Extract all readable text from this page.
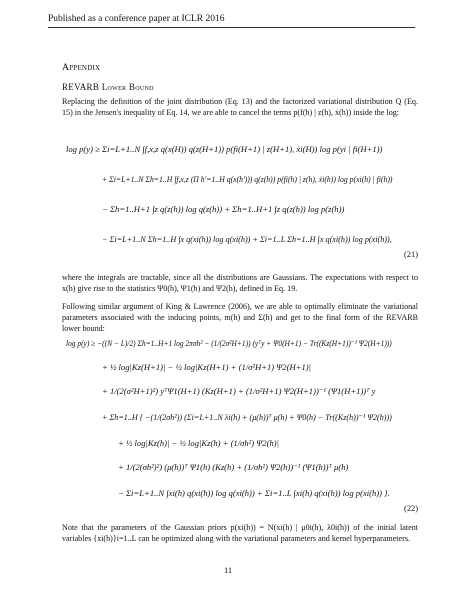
Published as a conference paper at ICLR 2016
Appendix
REVARB Lower Bound
Replacing the definition of the joint distribution (Eq. 13) and the factorized variational distribution Q (Eq. 15) in the Jensen's inequality of Eq. 14, we are able to cancel the terms p(f(h) | z(h), ẋ(h)) inside the log:
log p(y) ≥ Σi=L+1..N ∫f,x,z q(x(H)) q(z(H+1)) p(fi(H+1) | z(H+1), ẋi(H)) log p(yi | fi(H+1))
+ Σi=L+1..N Σh=1..H ∫f,x,z (Π h'=1..H q(x(h'))) q(z(h)) p(fi(h) | z(h), ẋi(h)) log p(xi(h) | fi(h))
− Σh=1..H+1 ∫z q(z(h)) log q(z(h)) + Σh=1..H+1 ∫z q(z(h)) log p(z(h))
− Σi=L+1..N Σh=1..H ∫x q(xi(h)) log q(xi(h)) + Σi=1..L Σh=1..H ∫x q(xi(h)) log p(xi(h)),
(21)
where the integrals are tractable, since all the distributions are Gaussians. The expectations with respect to x(h) give rise to the statistics Ψ0(h), Ψ1(h) and Ψ2(h), defined in Eq. 19.
Following similar argument of King & Lawrence (2006), we are able to optimally eliminate the variational parameters associated with the inducing points, m(h) and Σ(h) and get to the final form of the REVARB lower bound:
log p(y) ≥ −((N − L)/2) Σh=1..H+1 log 2πσh² − (1/(2σ²H+1)) (yᵀy + Ψ0(H+1) − Tr((Kz(H+1))⁻¹ Ψ2(H+1)))
+ ½ log|Kz(H+1)| − ½ log|Kz(H+1) + (1/σ²H+1) Ψ2(H+1)|
+ 1/(2(σ²H+1)²) yᵀΨ1(H+1) (Kz(H+1) + (1/σ²H+1) Ψ2(H+1))⁻¹ (Ψ1(H+1))ᵀ y
+ Σh=1..H { −(1/(2σh²)) (Σi=L+1..N λi(h) + (μ(h))ᵀ μ(h) + Ψ0(h) − Tr((Kz(h))⁻¹ Ψ2(h)))
+ ½ log|Kz(h)| − ½ log|Kz(h) + (1/σh²) Ψ2(h)|
+ 1/(2(σh²)²) (μ(h))ᵀ Ψ1(h) (Kz(h) + (1/σh²) Ψ2(h))⁻¹ (Ψ1(h))ᵀ μ(h)
− Σi=L+1..N ∫xi(h) q(xi(h)) log q(xi(h)) + Σi=1..L ∫xi(h) q(xi(h)) log p(xi(h)) }.
(22)
Note that the parameters of the Gaussian priors p(xi(h)) = N(xi(h) | μ0i(h), λ0i(h)) of the initial latent variables {xi(h)}i=1..L can be optimized along with the variational parameters and kernel hyperparameters.
11
